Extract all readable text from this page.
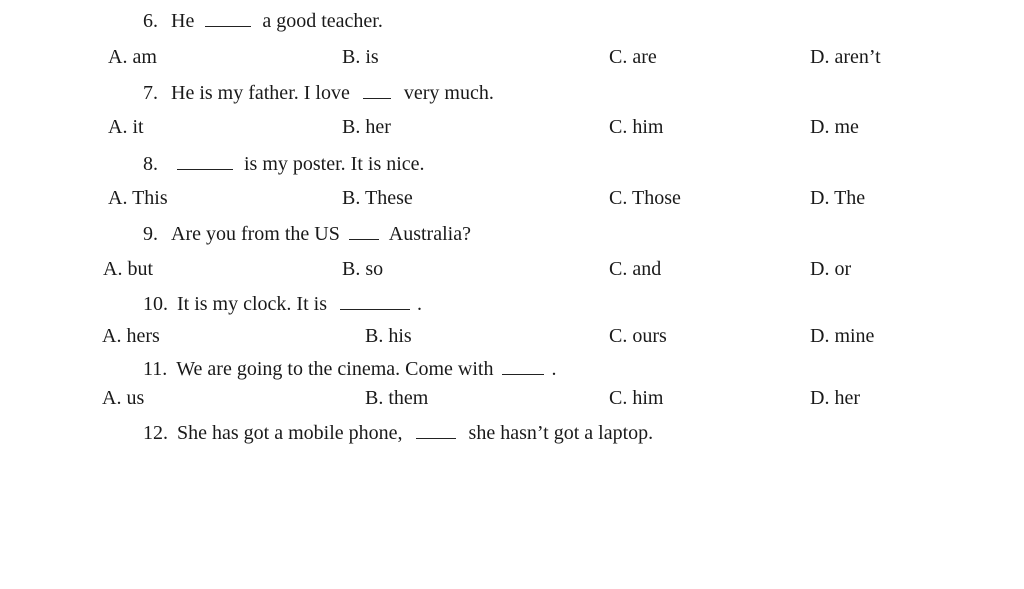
6. He	a good teacher.
A. am	B. is	C. are	D. aren’t
7. He is my father. I love	very much.
A. it	B. her	C. him	D. me
8.	is my poster. It is nice.
A. This	B. These	C. Those	D. The
9. Are you from the US Australia?
A. but	B. so	C. and	D. or
10. It is my clock. It is	.
A. hers	B. his	C. ours	D. mine
11. We are going to the cinema. Come with	.
A. us	B. them	C. him	D. her
12. She has got a mobile phone,	she hasn’t got a laptop.
